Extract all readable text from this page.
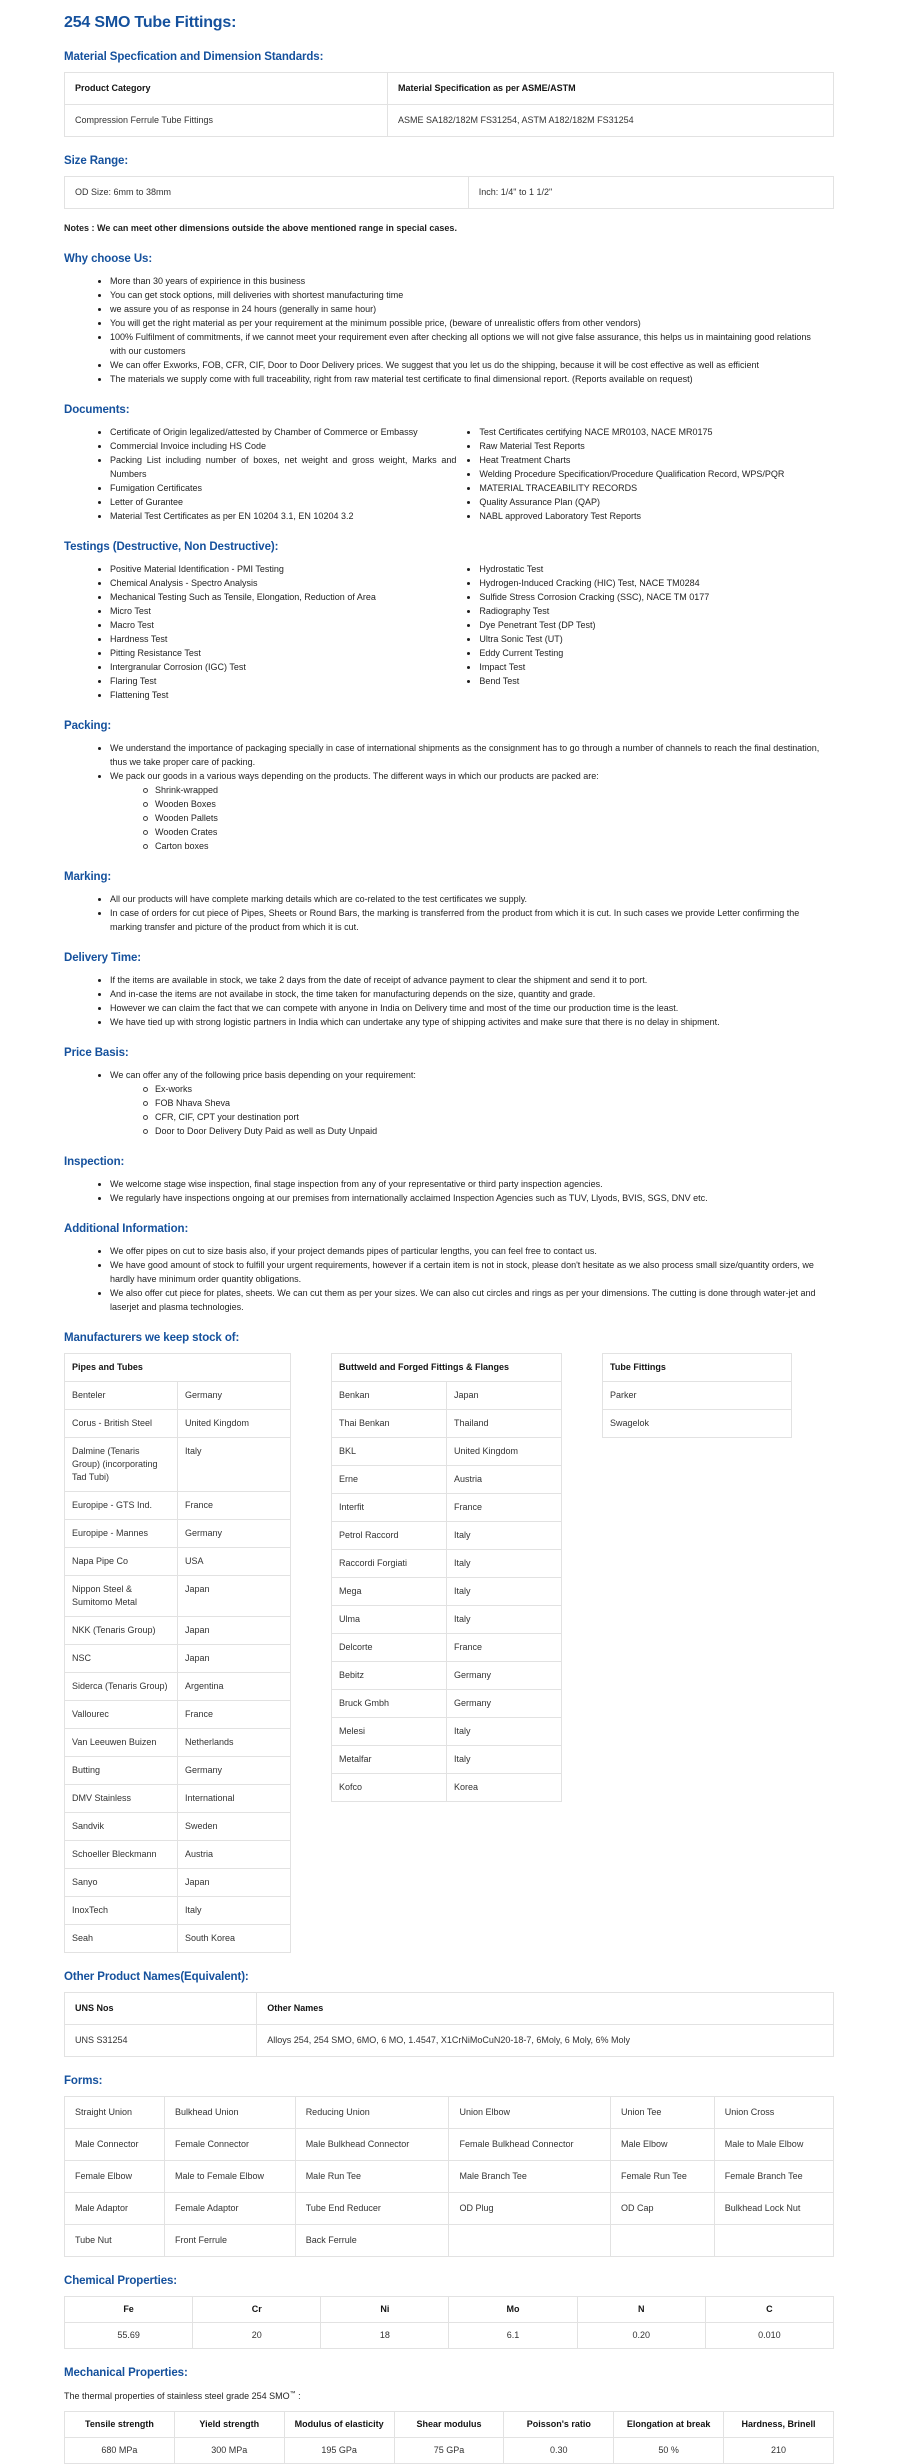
254 SMO Tube Fittings:
Material Specfication and Dimension Standards:
Product Category	Material Specification as per ASME/ASTM
Compression Ferrule Tube Fittings	ASME SA182/182M FS31254, ASTM A182/182M FS31254
Size Range:
OD Size: 6mm to 38mm	Inch: 1/4" to 1 1/2"

Notes : We can meet other dimensions outside the above mentioned range in special cases.

Why choose Us:
More than 30 years of expirience in this business
You can get stock options, mill deliveries with shortest manufacturing time
we assure you of as response in 24 hours (generally in same hour)
You will get the right material as per your requirement at the minimum possible price, (beware of unrealistic offers from other vendors)
100% Fulfilment of commitments, if we cannot meet your requirement even after checking all options we will not give false assurance, this helps us in maintaining good relations with our customers
We can offer Exworks, FOB, CFR, CIF, Door to Door Delivery prices. We suggest that you let us do the shipping, because it will be cost effective as well as efficient
The materials we supply come with full traceability, right from raw material test certificate to final dimensional report. (Reports available on request)
Documents:
Certificate of Origin legalized/attested by Chamber of Commerce or Embassy
Commercial Invoice including HS Code
Packing List including number of boxes, net weight and gross weight, Marks and Numbers
Fumigation Certificates
Letter of Gurantee
Material Test Certificates as per EN 10204 3.1, EN 10204 3.2
Test Certificates certifying NACE MR0103, NACE MR0175
Raw Material Test Reports
Heat Treatment Charts
Welding Procedure Specification/Procedure Qualification Record, WPS/PQR
MATERIAL TRACEABILITY RECORDS
Quality Assurance Plan (QAP)
NABL approved Laboratory Test Reports
Testings (Destructive, Non Destructive):
Positive Material Identification - PMI Testing
Chemical Analysis - Spectro Analysis
Mechanical Testing Such as Tensile, Elongation, Reduction of Area
Micro Test
Macro Test
Hardness Test
Pitting Resistance Test
Intergranular Corrosion (IGC) Test
Flaring Test
Flattening Test
Hydrostatic Test
Hydrogen-Induced Cracking (HIC) Test, NACE TM0284
Sulfide Stress Corrosion Cracking (SSC), NACE TM 0177
Radiography Test
Dye Penetrant Test (DP Test)
Ultra Sonic Test (UT)
Eddy Current Testing
Impact Test
Bend Test
Packing:
We understand the importance of packaging specially in case of international shipments as the consignment has to go through a number of channels to reach the final destination, thus we take proper care of packing.
We pack our goods in a various ways depending on the products. The different ways in which our products are packed are:
Shrink-wrapped
Wooden Boxes
Wooden Pallets
Wooden Crates
Carton boxes
Marking:
All our products will have complete marking details which are co-related to the test certificates we supply.
In case of orders for cut piece of Pipes, Sheets or Round Bars, the marking is transferred from the product from which it is cut. In such cases we provide Letter confirming the marking transfer and picture of the product from which it is cut.
Delivery Time:
If the items are available in stock, we take 2 days from the date of receipt of advance payment to clear the shipment and send it to port.
And in-case the items are not availabe in stock, the time taken for manufacturing depends on the size, quantity and grade.
However we can claim the fact that we can compete with anyone in India on Delivery time and most of the time our production time is the least.
We have tied up with strong logistic partners in India which can undertake any type of shipping activites and make sure that there is no delay in shipment.
Price Basis:
We can offer any of the following price basis depending on your requirement:
Ex-works
FOB Nhava Sheva
CFR, CIF, CPT your destination port
Door to Door Delivery Duty Paid as well as Duty Unpaid
Inspection:
We welcome stage wise inspection, final stage inspection from any of your representative or third party inspection agencies.
We regularly have inspections ongoing at our premises from internationally acclaimed Inspection Agencies such as TUV, Llyods, BVIS, SGS, DNV etc.
Additional Information:
We offer pipes on cut to size basis also, if your project demands pipes of particular lengths, you can feel free to contact us.
We have good amount of stock to fulfill your urgent requirements, however if a certain item is not in stock, please don't hesitate as we also process small size/quantity orders, we hardly have minimum order quantity obligations.
We also offer cut piece for plates, sheets. We can cut them as per your sizes. We can also cut circles and rings as per your dimensions. The cutting is done through water-jet and laserjet and plasma technologies.
Manufacturers we keep stock of:
Pipes and Tubes	
Benteler	Germany
Corus - British Steel	United Kingdom
Dalmine (Tenaris Group) (incorporating Tad Tubi)	Italy
Europipe - GTS Ind.	France
Europipe - Mannes	Germany
Napa Pipe Co	USA
Nippon Steel & Sumitomo Metal	Japan
NKK (Tenaris Group)	Japan
NSC	Japan
Siderca (Tenaris Group)	Argentina
Vallourec	France
Van Leeuwen Buizen	Netherlands
Butting	Germany
DMV Stainless	International
Sandvik	Sweden
Schoeller Bleckmann	Austria
Sanyo	Japan
InoxTech	Italy
Seah	South Korea
Buttweld and Forged Fittings & Flanges	
Benkan	Japan
Thai Benkan	Thailand
BKL	United Kingdom
Erne	Austria
Interfit	France
Petrol Raccord	Italy
Raccordi Forgiati	Italy
Mega	Italy
Ulma	Italy
Delcorte	France
Bebitz	Germany
Bruck Gmbh	Germany
Melesi	Italy
Metalfar	Italy
Kofco	Korea
Tube Fittings
Parker
Swagelok
Other Product Names(Equivalent):
UNS Nos	Other Names
UNS S31254	Alloys 254, 254 SMO, 6MO, 6 MO, 1.4547, X1CrNiMoCuN20-18-7, 6Moly, 6 Moly, 6% Moly
Forms:
Straight Union	Bulkhead Union	Reducing Union	Union Elbow	Union Tee	Union Cross
Male Connector	Female Connector	Male Bulkhead Connector	Female Bulkhead Connector	Male Elbow	Male to Male Elbow
Female Elbow	Male to Female Elbow	Male Run Tee	Male Branch Tee	Female Run Tee	Female Branch Tee
Male Adaptor	Female Adaptor	Tube End Reducer	OD Plug	OD Cap	Bulkhead Lock Nut
Tube Nut	Front Ferrule	Back Ferrule			
Chemical Properties:
Fe	Cr	Ni	Mo	N	C
55.69	20	18	6.1	0.20	0.010
Mechanical Properties:

The thermal properties of stainless steel grade 254 SMO™ :

Tensile strength	Yield strength	Modulus of elasticity	Shear modulus	Poisson's ratio	Elongation at break	Hardness, Brinell
680 MPa	300 MPa	195 GPa	75 GPa	0.30	50 %	210
